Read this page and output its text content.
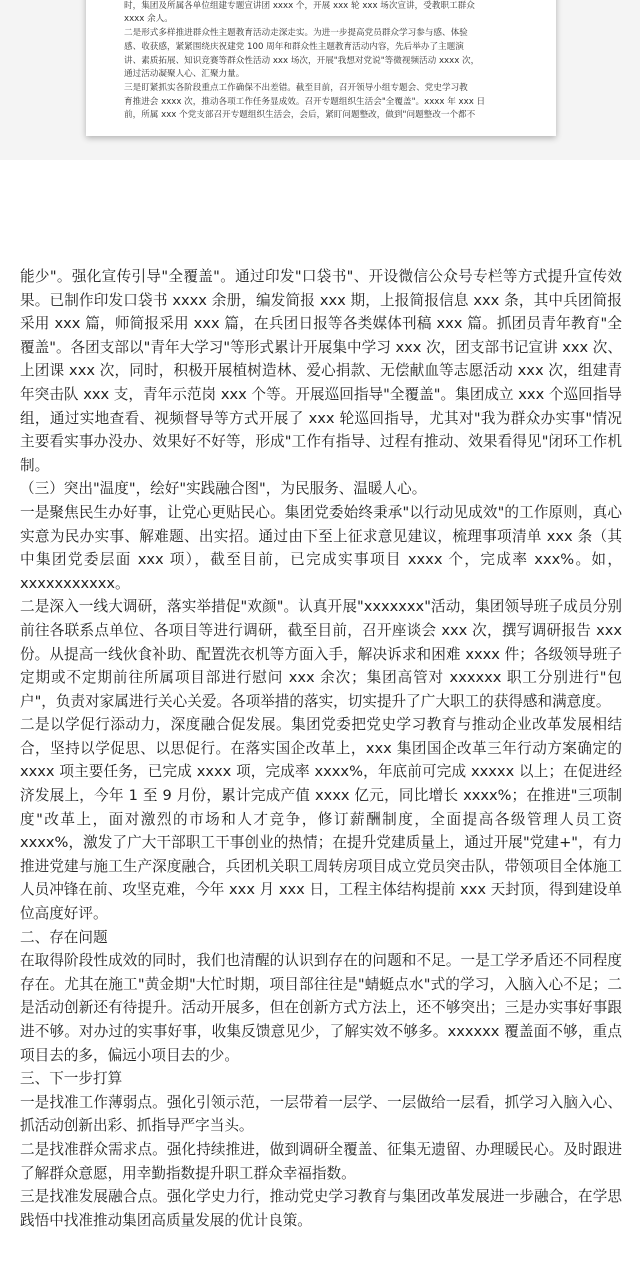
时，集团及所属各单位组建专题宣讲团 xxxx 个，开展 xxx 轮 xxx 场次宣讲，受教职工群众

xxxx 余人。

二是形式多样推进群众性主题教育活动走深走实。为进一步提高党员群众学习参与感、体验

感、收获感，紧紧围绕庆祝建党 100 周年和群众性主题教育活动内容，先后举办了主题演

讲、素质拓展、知识竞赛等群众性活动 xxx 场次，开展"我想对党说"等微视频活动 xxxx 次，

通过活动凝聚人心、汇聚力量。

三是盯紧抓实各阶段重点工作确保不出差错。截至目前，召开领导小组专题会、党史学习教

育推进会 xxxx 次，推动各项工作任务显成效。召开专题组织生活会"全覆盖"。xxxx 年 xxx 日

前，所属 xxx 个党支部召开专题组织生活会，会后，紧盯问题整改，做到"问题整改一个都不

能少"。强化宣传引导"全覆盖"。通过印发"口袋书"、开设微信公众号专栏等方式提升宣传效果。已制作印发口袋书 xxxx 余册，编发简报 xxx 期，上报简报信息 xxx 条，其中兵团简报采用 xxx 篇，师简报采用 xxx 篇，在兵团日报等各类媒体刊稿 xxx 篇。抓团员青年教育"全覆盖"。各团支部以"青年大学习"等形式累计开展集中学习 xxx 次，团支部书记宣讲 xxx 次、上团课 xxx 次，同时，积极开展植树造林、爱心捐款、无偿献血等志愿活动 xxx 次，组建青年突击队 xxx 支，青年示范岗 xxx 个等。开展巡回指导"全覆盖"。集团成立 xxx 个巡回指导组，通过实地查看、视频督导等方式开展了 xxx 轮巡回指导，尤其对"我为群众办实事"情况主要看实事办没办、效果好不好等，形成"工作有指导、过程有推动、效果看得见"闭环工作机制。

（三）突出"温度"，绘好"实践融合图"，为民服务、温暖人心。

一是聚焦民生办好事，让党心更贴民心。集团党委始终秉承"以行动见成效"的工作原则，真心实意为民办实事、解难题、出实招。通过由下至上征求意见建议，梳理事项清单 xxx 条（其中集团党委层面 xxx 项），截至目前，已完成实事项目 xxxx 个，完成率 xxx%。如，xxxxxxxxxxx。

二是深入一线大调研，落实举措促"欢颜"。认真开展"xxxxxxx"活动，集团领导班子成员分别前往各联系点单位、各项目等进行调研，截至目前，召开座谈会 xxx 次，撰写调研报告 xxx 份。从提高一线伙食补助、配置洗衣机等方面入手，解决诉求和困难 xxxx 件；各级领导班子定期或不定期前往所属项目部进行慰问 xxx 余次；集团高管对 xxxxxx 职工分别进行"包户"，负责对家属进行关心关爱。各项举措的落实，切实提升了广大职工的获得感和满意度。

二是以学促行添动力，深度融合促发展。集团党委把党史学习教育与推动企业改革发展相结合，坚持以学促思、以思促行。在落实国企改革上，xxx 集团国企改革三年行动方案确定的 xxxx 项主要任务，已完成 xxxx 项，完成率 xxxx%，年底前可完成 xxxxx 以上；在促进经济发展上，今年 1 至 9 月份，累计完成产值 xxxx 亿元，同比增长 xxxx%；在推进"三项制度"改革上，面对激烈的市场和人才竞争，修订薪酬制度，全面提高各级管理人员工资 xxxx%，激发了广大干部职工干事创业的热情；在提升党建质量上，通过开展"党建+"，有力推进党建与施工生产深度融合，兵团机关职工周转房项目成立党员突击队，带领项目全体施工人员冲锋在前、攻坚克难，今年 xxx 月 xxx 日，工程主体结构提前 xxx 天封顶，得到建设单位高度好评。

二、存在问题

在取得阶段性成效的同时，我们也清醒的认识到存在的问题和不足。一是工学矛盾还不同程度存在。尤其在施工"黄金期"大忙时期，项目部往往是"蜻蜓点水"式的学习，入脑入心不足；二是活动创新还有待提升。活动开展多，但在创新方式方法上，还不够突出；三是办实事好事跟进不够。对办过的实事好事，收集反馈意见少，了解实效不够多。xxxxxx 覆盖面不够，重点项目去的多，偏远小项目去的少。

三、下一步打算

一是找准工作薄弱点。强化引领示范，一层带着一层学、一层做给一层看，抓学习入脑入心、抓活动创新出彩、抓指导严字当头。

二是找准群众需求点。强化持续推进，做到调研全覆盖、征集无遗留、办理暖民心。及时跟进了解群众意愿，用幸勤指数提升职工群众幸福指数。

三是找准发展融合点。强化学史力行，推动党史学习教育与集团改革发展进一步融合，在学思践悟中找准推动集团高质量发展的优计良策。
